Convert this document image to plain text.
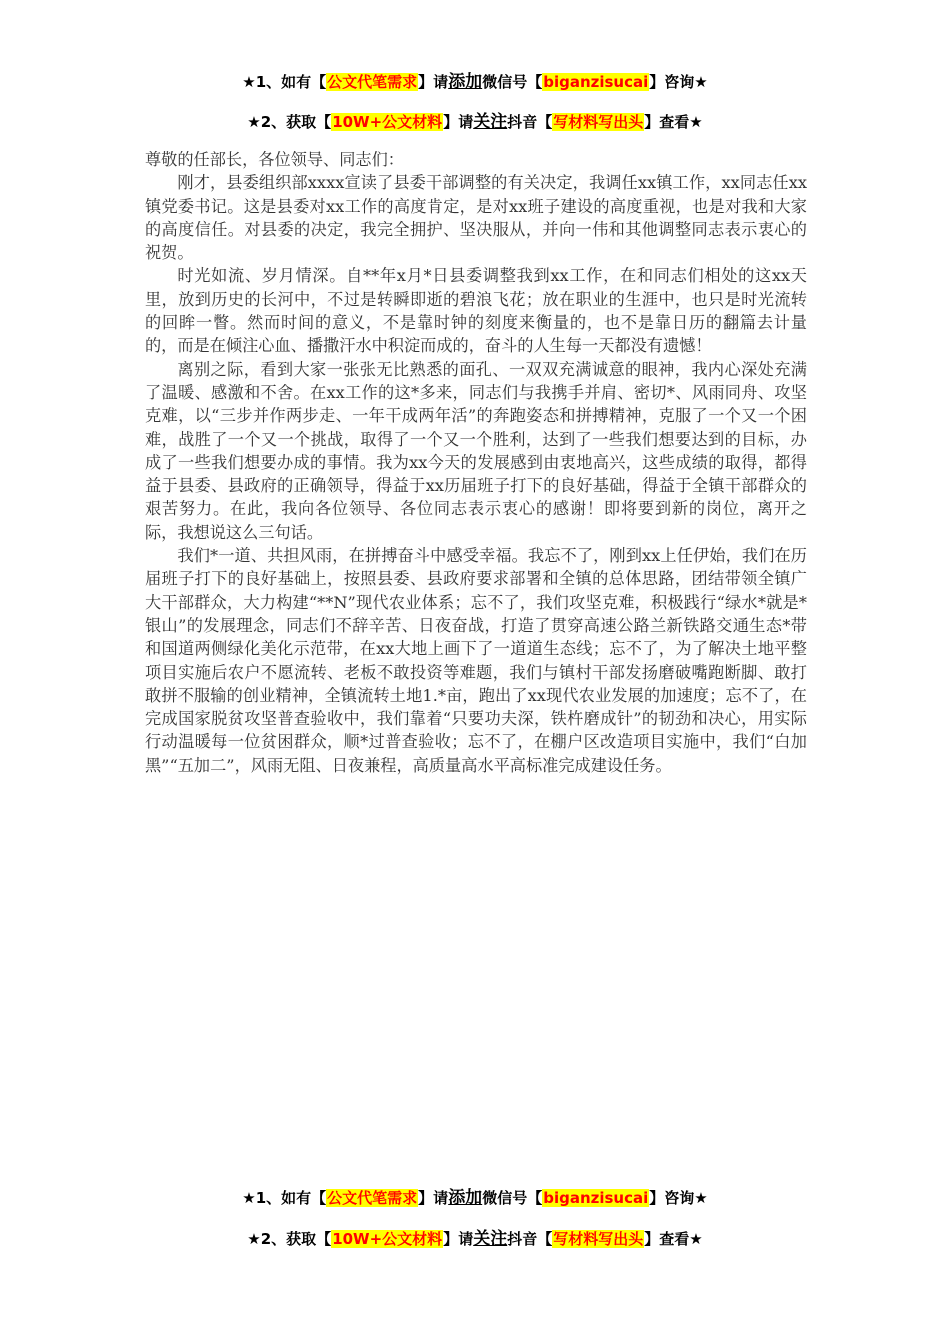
★1、如有【公文代笔需求】请添加微信号【biganzisucai】咨询★
★2、获取【10W+公文材料】请关注抖音【写材料写出头】查看★

尊敬的任部长，各位领导、同志们：

刚才，县委组织部xxxx宣读了县委干部调整的有关决定，我调任xx镇工作，xx同志任xx镇党委书记。这是县委对xx工作的高度肯定，是对xx班子建设的高度重视，也是对我和大家的高度信任。对县委的决定，我完全拥护、坚决服从，并向一伟和其他调整同志表示衷心的祝贺。

时光如流、岁月情深。自**年x月*日县委调整我到xx工作，在和同志们相处的这xx天里，放到历史的长河中，不过是转瞬即逝的碧浪飞花；放在职业的生涯中，也只是时光流转的回眸一瞥。然而时间的意义，不是靠时钟的刻度来衡量的，也不是靠日历的翻篇去计量的，而是在倾注心血、播撒汗水中积淀而成的，奋斗的人生每一天都没有遗憾！

离别之际，看到大家一张张无比熟悉的面孔、一双双充满诚意的眼神，我内心深处充满了温暖、感激和不舍。在xx工作的这*多来，同志们与我携手并肩、密切*、风雨同舟、攻坚克难，以“三步并作两步走、一年干成两年活”的奔跑姿态和拼搏精神，克服了一个又一个困难，战胜了一个又一个挑战，取得了一个又一个胜利，达到了一些我们想要达到的目标，办成了一些我们想要办成的事情。我为xx今天的发展感到由衷地高兴，这些成绩的取得，都得益于县委、县政府的正确领导，得益于xx历届班子打下的良好基础，得益于全镇干部群众的艰苦努力。在此，我向各位领导、各位同志表示衷心的感谢！即将要到新的岗位，离开之际，我想说这么三句话。

我们*一道、共担风雨，在拼搏奋斗中感受幸福。我忘不了，刚到xx上任伊始，我们在历届班子打下的良好基础上，按照县委、县政府要求部署和全镇的总体思路，团结带领全镇广大干部群众，大力构建“**N”现代农业体系；忘不了，我们攻坚克难，积极践行“绿水*就是*银山”的发展理念，同志们不辞辛苦、日夜奋战，打造了贯穿高速公路兰新铁路交通生态*带和国道两侧绿化美化示范带，在xx大地上画下了一道道生态线；忘不了，为了解决土地平整项目实施后农户不愿流转、老板不敢投资等难题，我们与镇村干部发扬磨破嘴跑断脚、敢打敢拼不服输的创业精神，全镇流转土地1.*亩，跑出了xx现代农业发展的加速度；忘不了，在完成国家脱贫攻坚普查验收中，我们靠着“只要功夫深，铁杵磨成针”的韧劲和决心，用实际行动温暖每一位贫困群众，顺*过普查验收；忘不了，在棚户区改造项目实施中，我们“白加黑”“五加二”，风雨无阻、日夜兼程，高质量高水平高标准完成建设任务。

★1、如有【公文代笔需求】请添加微信号【biganzisucai】咨询★
★2、获取【10W+公文材料】请关注抖音【写材料写出头】查看★
